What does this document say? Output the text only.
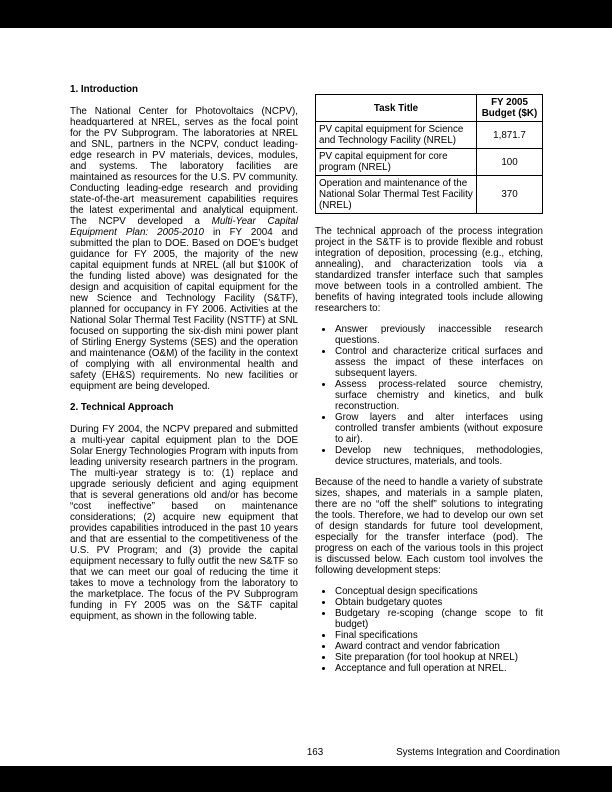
1. Introduction

The National Center for Photovoltaics (NCPV), headquartered at NREL, serves as the focal point for the PV Subprogram. The laboratories at NREL and SNL, partners in the NCPV, conduct leading-edge research in PV materials, devices, modules, and systems. The laboratory facilities are maintained as resources for the U.S. PV community. Conducting leading-edge research and providing state-of-the-art measurement capabilities requires the latest experimental and analytical equipment. The NCPV developed a Multi-Year Capital Equipment Plan: 2005-2010 in FY 2004 and submitted the plan to DOE. Based on DOE’s budget guidance for FY 2005, the majority of the new capital equipment funds at NREL (all but $100K of the funding listed above) was designated for the design and acquisition of capital equipment for the new Science and Technology Facility (S&TF), planned for occupancy in FY 2006. Activities at the National Solar Thermal Test Facility (NSTTF) at SNL focused on supporting the six-dish mini power plant of Stirling Energy Systems (SES) and the operation and maintenance (O&M) of the facility in the context of complying with all environmental health and safety (EH&S) requirements. No new facilities or equipment are being developed.

2. Technical Approach

During FY 2004, the NCPV prepared and submitted a multi-year capital equipment plan to the DOE Solar Energy Technologies Program with inputs from leading university research partners in the program. The multi-year strategy is to: (1) replace and upgrade seriously deficient and aging equipment that is several generations old and/or has become “cost ineffective” based on maintenance considerations; (2) acquire new equipment that provides capabilities introduced in the past 10 years and that are essential to the competitiveness of the U.S. PV Program; and (3) provide the capital equipment necessary to fully outfit the new S&TF so that we can meet our goal of reducing the time it takes to move a technology from the laboratory to the marketplace. The focus of the PV Subprogram funding in FY 2005 was on the S&TF capital equipment, as shown in the following table.

Task Title	FY 2005 Budget ($K)
PV capital equipment for Science and Technology Facility (NREL)	1,871.7
PV capital equipment for core program (NREL)	100
Operation and maintenance of the National Solar Thermal Test Facility (NREL)	370

The technical approach of the process integration project in the S&TF is to provide flexible and robust integration of deposition, processing (e.g., etching, annealing), and characterization tools via a standardized transfer interface such that samples move between tools in a controlled ambient. The benefits of having integrated tools include allowing researchers to:

• Answer previously inaccessible research questions.
• Control and characterize critical surfaces and assess the impact of these interfaces on subsequent layers.
• Assess process-related source chemistry, surface chemistry and kinetics, and bulk reconstruction.
• Grow layers and alter interfaces using controlled transfer ambients (without exposure to air).
• Develop new techniques, methodologies, device structures, materials, and tools.

Because of the need to handle a variety of substrate sizes, shapes, and materials in a sample platen, there are no “off the shelf” solutions to integrating the tools. Therefore, we had to develop our own set of design standards for future tool development, especially for the transfer interface (pod). The progress on each of the various tools in this project is discussed below. Each custom tool involves the following development steps:

• Conceptual design specifications
• Obtain budgetary quotes
• Budgetary re-scoping (change scope to fit budget)
• Final specifications
• Award contract and vendor fabrication
• Site preparation (for tool hookup at NREL)
• Acceptance and full operation at NREL.
163	Systems Integration and Coordination
